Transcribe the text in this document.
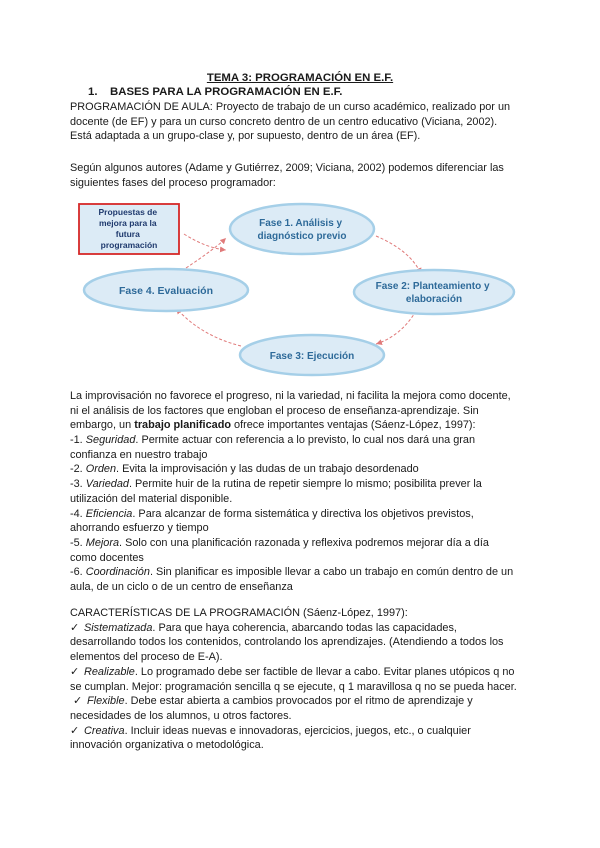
TEMA 3: PROGRAMACIÓN EN E.F.
1. BASES PARA LA PROGRAMACIÓN EN E.F.

PROGRAMACIÓN DE AULA: Proyecto de trabajo de un curso académico, realizado por un
docente (de EF) y para un curso concreto dentro de un centro educativo (Viciana, 2002).
Está adaptada a un grupo-clase y, por supuesto, dentro de un área (EF).

Según algunos autores (Adame y Gutiérrez, 2009; Viciana, 2002) podemos diferenciar las
siguientes fases del proceso programador:

Propuestas de mejora para la futura programación
Fase 1. Análisis y diagnóstico previo
Fase 2: Planteamiento y elaboración
Fase 3: Ejecución
Fase 4. Evaluación

La improvisación no favorece el progreso, ni la variedad, ni facilita la mejora como docente,
ni el análisis de los factores que engloban el proceso de enseñanza-aprendizaje. Sin
embargo, un trabajo planificado ofrece importantes ventajas (Sáenz-López, 1997):

-1. Seguridad. Permite actuar con referencia a lo previsto, lo cual nos dará una gran
confianza en nuestro trabajo
-2. Orden. Evita la improvisación y las dudas de un trabajo desordenado
-3. Variedad. Permite huir de la rutina de repetir siempre lo mismo; posibilita prever la
utilización del material disponible.
-4. Eficiencia. Para alcanzar de forma sistemática y directiva los objetivos previstos,
ahorrando esfuerzo y tiempo
-5. Mejora. Solo con una planificación razonada y reflexiva podremos mejorar día a día
como docentes
-6. Coordinación. Sin planificar es imposible llevar a cabo un trabajo en común dentro de un
aula, de un ciclo o de un centro de enseñanza
CARACTERÍSTICAS DE LA PROGRAMACIÓN (Sáenz-López, 1997):
✓ Sistematizada. Para que haya coherencia, abarcando todas las capacidades,
desarrollando todos los contenidos, controlando los aprendizajes. (Atendiendo a todos los
elementos del proceso de E-A).
✓ Realizable. Lo programado debe ser factible de llevar a cabo. Evitar planes utópicos q no
se cumplan. Mejor: programación sencilla q se ejecute, q 1 maravillosa q no se pueda hacer.
✓ Flexible. Debe estar abierta a cambios provocados por el ritmo de aprendizaje y
necesidades de los alumnos, u otros factores.
✓ Creativa. Incluir ideas nuevas e innovadoras, ejercicios, juegos, etc., o cualquier
innovación organizativa o metodológica.
